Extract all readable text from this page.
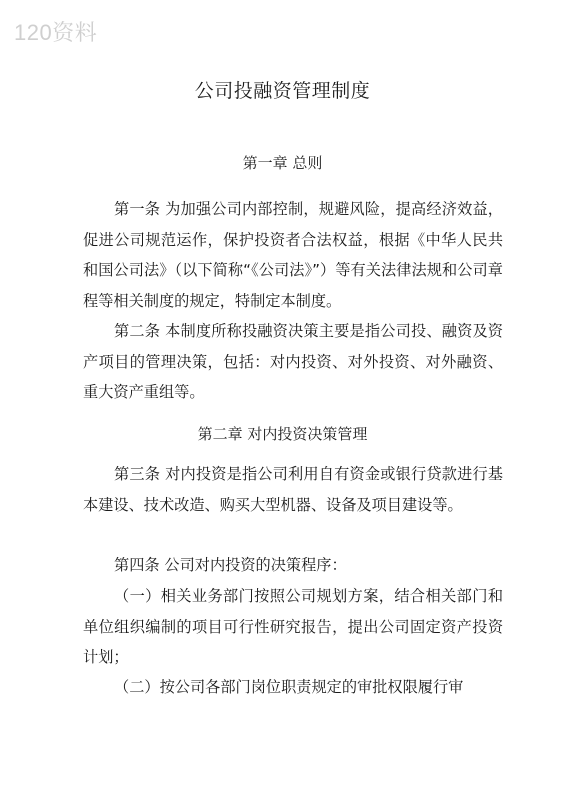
120资料
公司投融资管理制度
第一章 总则

第一条 为加强公司内部控制，规避风险，提高经济效益，促进公司规范运作，保护投资者合法权益，根据《中华人民共和国公司法》（以下简称“《公司法》”）等有关法律法规和公司章程等相关制度的规定，特制定本制度。

第二条 本制度所称投融资决策主要是指公司投、融资及资产项目的管理决策，包括：对内投资、对外投资、对外融资、重大资产重组等。

第二章 对内投资决策管理

第三条 对内投资是指公司利用自有资金或银行贷款进行基本建设、技术改造、购买大型机器、设备及项目建设等。

第四条 公司对内投资的决策程序：

（一）相关业务部门按照公司规划方案，结合相关部门和单位组织编制的项目可行性研究报告，提出公司固定资产投资计划；

（二）按公司各部门岗位职责规定的审批权限履行审
